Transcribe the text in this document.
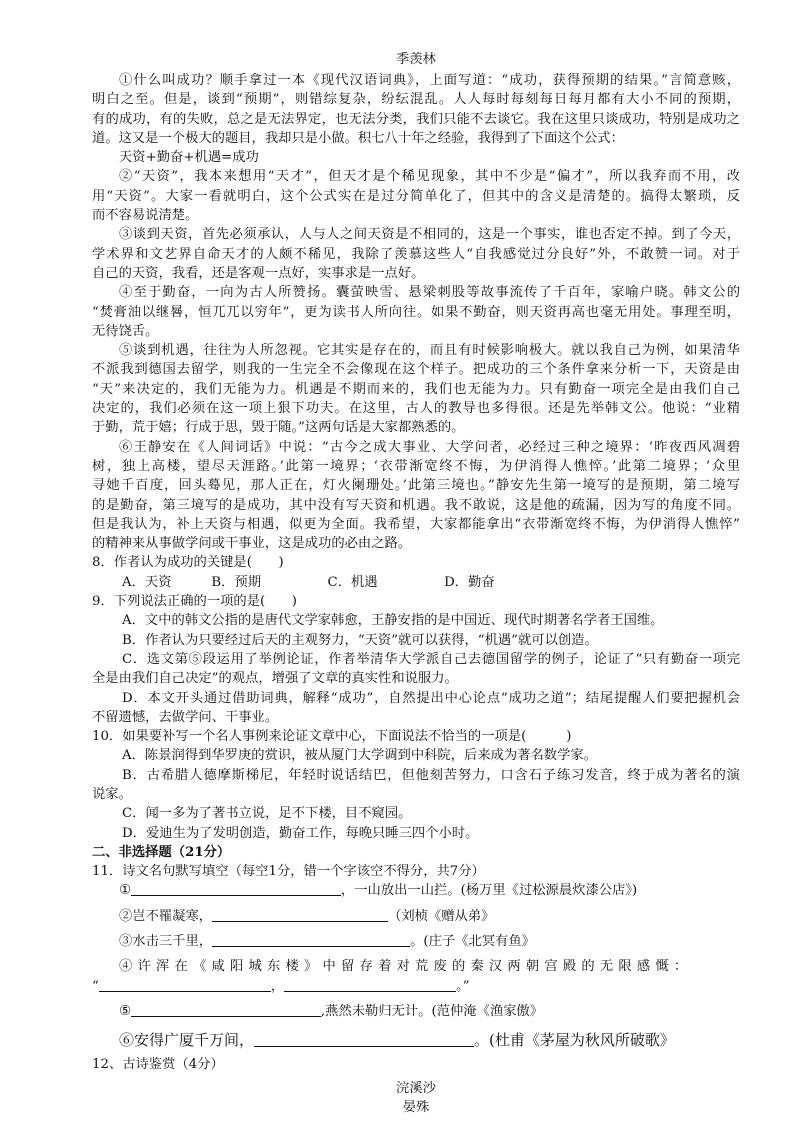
季羡林
①什么叫成功？顺手拿过一本《现代汉语词典》，上面写道：“成功，获得预期的结果。”言简意赅，
明白之至。但是，谈到“预期”，则错综复杂，纷纭混乱。人人每时每刻每日每月都有大小不同的预期，
有的成功，有的失败，总之是无法界定，也无法分类，我们只能不去谈它。我在这里只谈成功，特别是成功之
道。这又是一个极大的题目，我却只是小做。积七八十年之经验，我得到了下面这个公式：
天资+勤奋+机遇=成功
②“天资”，我本来想用“天才”，但天才是个稀见现象，其中不少是“偏才”，所以我弃而不用，改
用“天资”。大家一看就明白，这个公式实在是过分简单化了，但其中的含义是清楚的。搞得太繁琐，反
而不容易说清楚。
③谈到天资，首先必须承认，人与人之间天资是不相同的，这是一个事实，谁也否定不掉。到了今天，
学术界和文艺界自命天才的人颇不稀见，我除了羡慕这些人“自我感觉过分良好”外，不敢赞一词。对于
自己的天资，我看，还是客观一点好，实事求是一点好。
④至于勤奋，一向为古人所赞扬。囊萤映雪、悬梁刺股等故事流传了千百年，家喻户晓。韩文公的
“焚膏油以继晷，恒兀兀以穷年”，更为读书人所向往。如果不勤奋，则天资再高也毫无用处。事理至明，
无待饶舌。
⑤谈到机遇，往往为人所忽视。它其实是存在的，而且有时候影响极大。就以我自己为例，如果清华
不派我到德国去留学，则我的一生完全不会像现在这个样子。把成功的三个条件拿来分析一下，天资是由
“天”来决定的，我们无能为力。机遇是不期而来的，我们也无能为力。只有勤奋一项完全是由我们自己
决定的，我们必须在这一项上狠下功夫。在这里，古人的教导也多得很。还是先举韩文公。他说：“业精
于勤，荒于嬉；行成于思，毁于随。”这两句话是大家都熟悉的。
⑥王静安在《人间词话》中说：“古今之成大事业、大学问者，必经过三种之境界：‘昨夜西风凋碧
树，独上高楼，望尽天涯路。’此第一境界；‘衣带渐宽终不悔，为伊消得人憔悴。’此第二境界；‘众里
寻她千百度，回头蓦见，那人正在，灯火阑珊处。’此第三境也。”静安先生第一境写的是预期，第二境写
的是勤奋，第三境写的是成功，其中没有写天资和机遇。我不敢说，这是他的疏漏，因为写的角度不同。
但是我认为，补上天资与相遇，似更为全面。我希望，大家都能拿出“衣带渐宽终不悔，为伊消得人憔悴”
的精神来从事做学问或干事业，这是成功的必由之路。
8．作者认为成功的关键是(　　)
A．天资　　　B．预期　　　　　C．机遇　　　　　D．勤奋
9．下列说法正确的一项的是(　　)
A．文中的韩文公指的是唐代文学家韩愈，王静安指的是中国近、现代时期著名学者王国维。
B．作者认为只要经过后天的主观努力，“天资”就可以获得，“机遇”就可以创造。
C．选文第⑤段运用了举例论证，作者举清华大学派自己去德国留学的例子，论证了“只有勤奋一项完
全是由我们自己决定”的观点，增强了文章的真实性和说服力。
D．本文开头通过借助词典，解释“成功”，自然提出中心论点“成功之道”；结尾提醒人们要把握机会
不留遗憾，去做学问、干事业。
10．如果要补写一个名人事例来论证文章中心，下面说法不恰当的一项是(　　　)
A．陈景润得到华罗庚的赏识，被从厦门大学调到中科院，后来成为著名数学家。
B．古希腊人德摩斯梯尼，年轻时说话结巴，但他刻苦努力，口含石子练习发音，终于成为著名的演
说家。
C．闻一多为了著书立说，足不下楼，目不窥园。
D．爱迪生为了发明创造，勤奋工作，每晚只睡三四个小时。
二、非选择题（21分）
11．诗文名句默写填空（每空1分，错一个字该空不得分，共7分）
①	，一山放出一山拦。(杨万里《过松源晨炊漆公店》)
②岂不罹凝寒，	（刘桢《赠从弟》
③水击三千里，	。(庄子《北冥有鱼》
④许浑在《咸阳城东楼》中留存着对荒废的秦汉两朝宫殿的无限感慨：
“	，	。”
⑤	,燕然未勒归无计。(范仲淹《渔家傲》
⑥安得广厦千万间，	。(杜甫《茅屋为秋风所破歌》
12、古诗鉴赏（4分）
浣溪沙
晏殊
